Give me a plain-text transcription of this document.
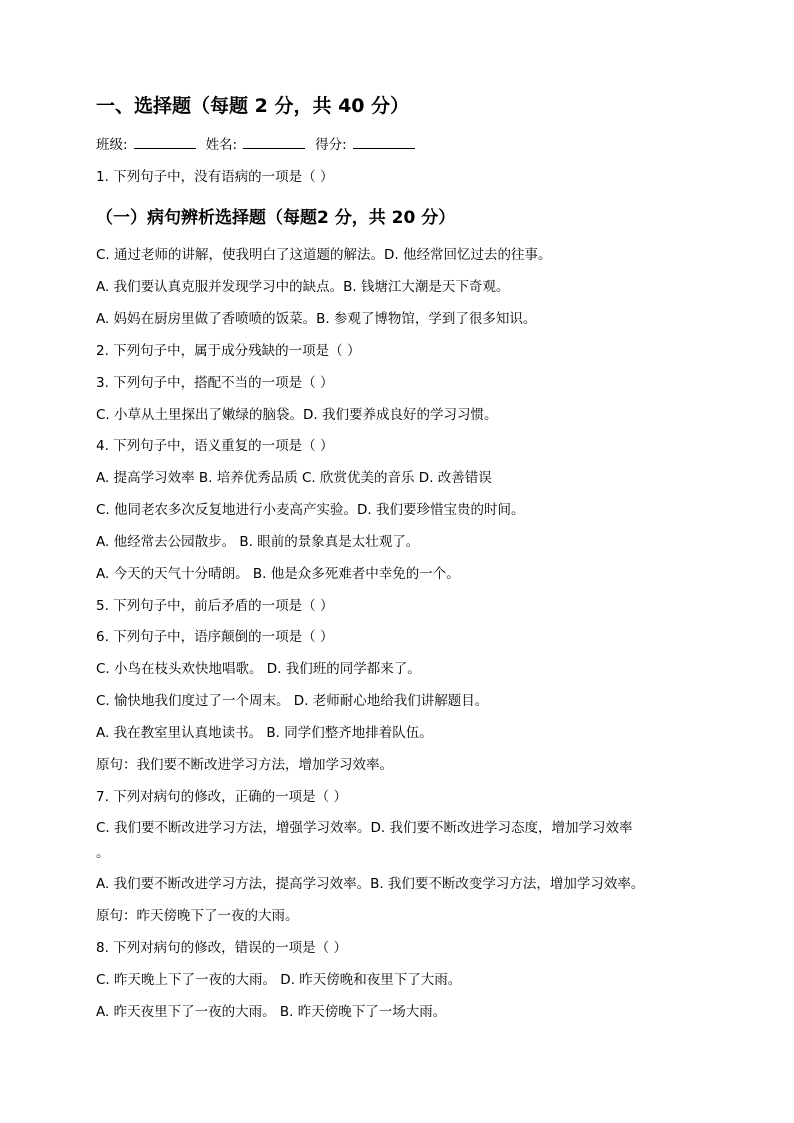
一、选择题（每题 2 分，共 40 分）
班级:	姓名:	得分:
1. 下列句子中，没有语病的一项是（ ）
（一）病句辨析选择题（每题2 分，共 20 分）
C. 通过老师的讲解，使我明白了这道题的解法。D. 他经常回忆过去的往事。
A. 我们要认真克服并发现学习中的缺点。B. 钱塘江大潮是天下奇观。
A. 妈妈在厨房里做了香喷喷的饭菜。B. 参观了博物馆，学到了很多知识。
2. 下列句子中，属于成分残缺的一项是（ ）
3. 下列句子中，搭配不当的一项是（ ）
C. 小草从土里探出了嫩绿的脑袋。D. 我们要养成良好的学习习惯。
4. 下列句子中，语义重复的一项是（ ）
A. 提高学习效率 B. 培养优秀品质 C. 欣赏优美的音乐 D. 改善错误
C. 他同老农多次反复地进行小麦高产实验。D. 我们要珍惜宝贵的时间。
A. 他经常去公园散步。 B. 眼前的景象真是太壮观了。
A. 今天的天气十分晴朗。 B. 他是众多死难者中幸免的一个。
5. 下列句子中，前后矛盾的一项是（ ）
6. 下列句子中，语序颠倒的一项是（ ）
C. 小鸟在枝头欢快地唱歌。 D. 我们班的同学都来了。
C. 愉快地我们度过了一个周末。 D. 老师耐心地给我们讲解题目。
A. 我在教室里认真地读书。 B. 同学们整齐地排着队伍。
原句：我们要不断改进学习方法，增加学习效率。
7. 下列对病句的修改，正确的一项是（ ）
C. 我们要不断改进学习方法，增强学习效率。D. 我们要不断改进学习态度，增加学习效率
。
A. 我们要不断改进学习方法，提高学习效率。B. 我们要不断改变学习方法，增加学习效率。
原句：昨天傍晚下了一夜的大雨。
8. 下列对病句的修改，错误的一项是（ ）
C. 昨天晚上下了一夜的大雨。 D. 昨天傍晚和夜里下了大雨。
A. 昨天夜里下了一夜的大雨。 B. 昨天傍晚下了一场大雨。
